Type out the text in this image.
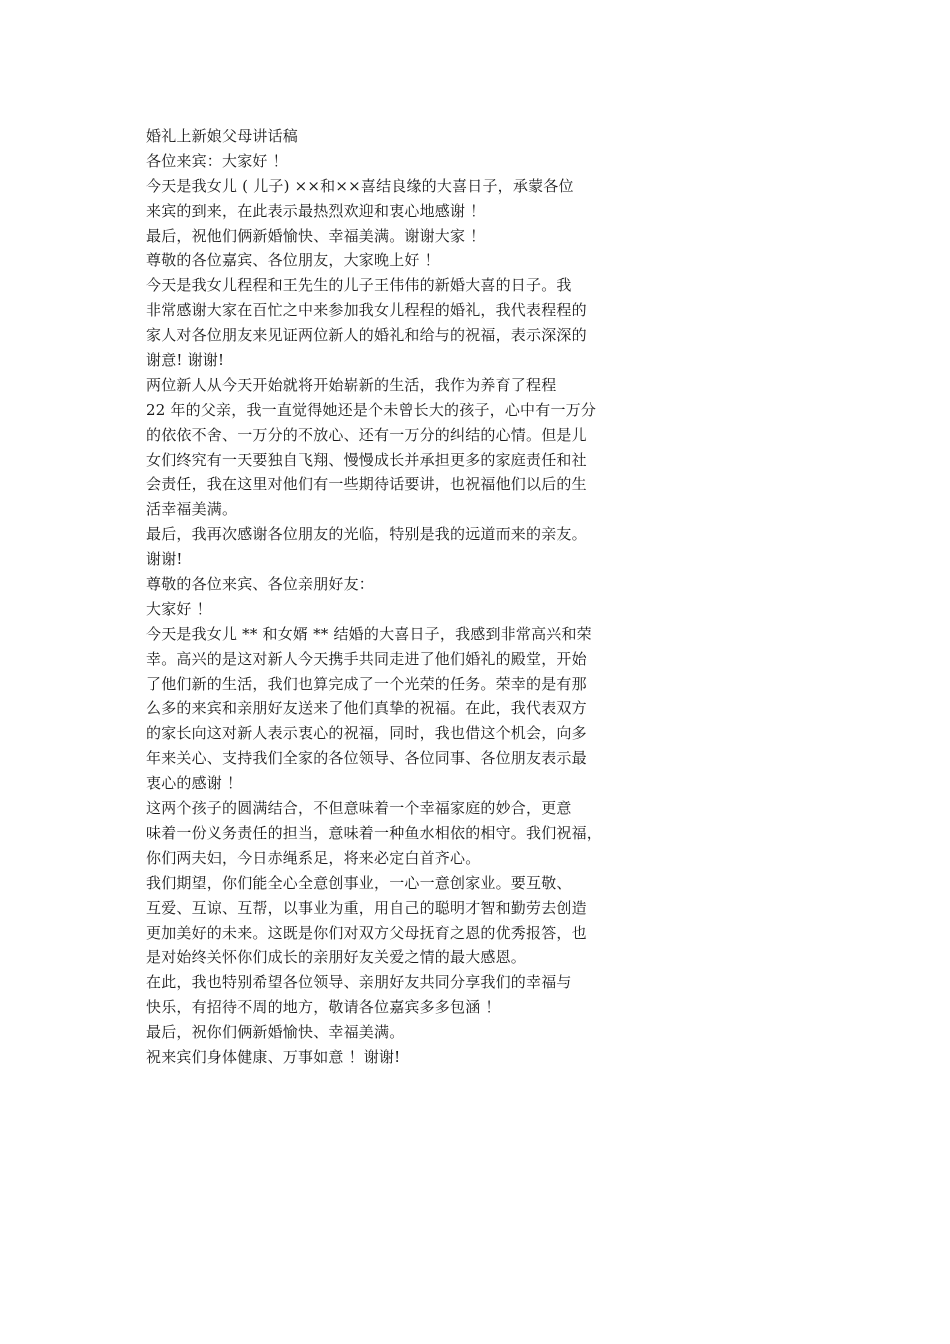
婚礼上新娘父母讲话稿
各位来宾：大家好 ！
今天是我女儿 ( 儿子) ××和××喜结良缘的大喜日子，承蒙各位
来宾的到来，在此表示最热烈欢迎和衷心地感谢 ！
最后，祝他们俩新婚愉快、幸福美满。谢谢大家 ！
尊敬的各位嘉宾、各位朋友，大家晚上好 ！
今天是我女儿程程和王先生的儿子王伟伟的新婚大喜的日子。我
非常感谢大家在百忙之中来参加我女儿程程的婚礼，我代表程程的
家人对各位朋友来见证两位新人的婚礼和给与的祝福，表示深深的
谢意! 谢谢!
两位新人从今天开始就将开始崭新的生活，我作为养育了程程
22 年的父亲，我一直觉得她还是个未曾长大的孩子，心中有一万分
的依依不舍、一万分的不放心、还有一万分的纠结的心情。但是儿
女们终究有一天要独自飞翔、慢慢成长并承担更多的家庭责任和社
会责任，我在这里对他们有一些期待话要讲，也祝福他们以后的生
活幸福美满。
最后，我再次感谢各位朋友的光临，特别是我的远道而来的亲友。
谢谢!
尊敬的各位来宾、各位亲朋好友：
大家好 ！
今天是我女儿 ** 和女婿 ** 结婚的大喜日子，我感到非常高兴和荣
幸。高兴的是这对新人今天携手共同走进了他们婚礼的殿堂，开始
了他们新的生活，我们也算完成了一个光荣的任务。荣幸的是有那
么多的来宾和亲朋好友送来了他们真挚的祝福。在此，我代表双方
的家长向这对新人表示衷心的祝福，同时，我也借这个机会，向多
年来关心、支持我们全家的各位领导、各位同事、各位朋友表示最
衷心的感谢 ！
这两个孩子的圆满结合，不但意味着一个幸福家庭的妙合，更意
味着一份义务责任的担当，意味着一种鱼水相依的相守。我们祝福，
你们两夫妇，今日赤绳系足，将来必定白首齐心。
我们期望，你们能全心全意创事业，一心一意创家业。要互敬、
互爱、互谅、互帮，以事业为重，用自己的聪明才智和勤劳去创造
更加美好的未来。这既是你们对双方父母抚育之恩的优秀报答，也
是对始终关怀你们成长的亲朋好友关爱之情的最大感恩。
在此，我也特别希望各位领导、亲朋好友共同分享我们的幸福与
快乐，有招待不周的地方，敬请各位嘉宾多多包涵 ！
最后，祝你们俩新婚愉快、幸福美满。
祝来宾们身体健康、万事如意 ！谢谢!
